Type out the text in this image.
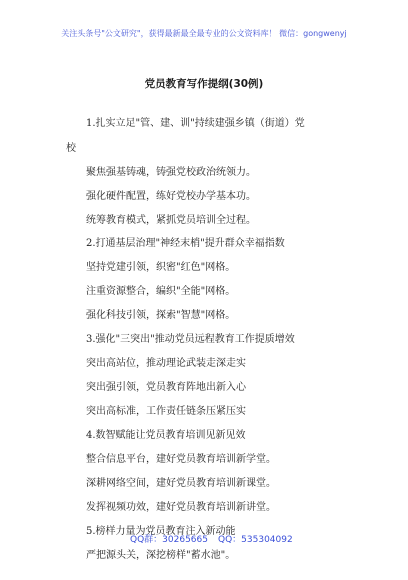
关注头条号"公文研究"，获得最新最全最专业的公文资料库！ 微信：gongwenyj
党员教育写作提纲(30例)
1.扎实立足"管、建、训"持续建强乡镇（街道）党
校
聚焦强基铸魂，铸强党校政治统领力。
强化硬件配置，练好党校办学基本功。
统筹教育模式，紧抓党员培训全过程。
2.打通基层治理"神经末梢"提升群众幸福指数
坚持党建引领，织密"红色"网格。
注重资源整合，编织"全能"网格。
强化科技引领，探索"智慧"网格。
3.强化"三突出"推动党员远程教育工作提质增效
突出高站位，推动理论武装走深走实
突出强引领，党员教育阵地出新入心
突出高标准，工作责任链条压紧压实
4.数智赋能让党员教育培训见新见效
整合信息平台，建好党员教育培训新学堂。
深耕网络空间，建好党员教育培训新课堂。
发挥视频功效，建好党员教育培训新讲堂。
5.榜样力量为党员教育注入新动能
严把源头关，深挖榜样"蓄水池"。
QQ群：30265665 QQ：535304092
